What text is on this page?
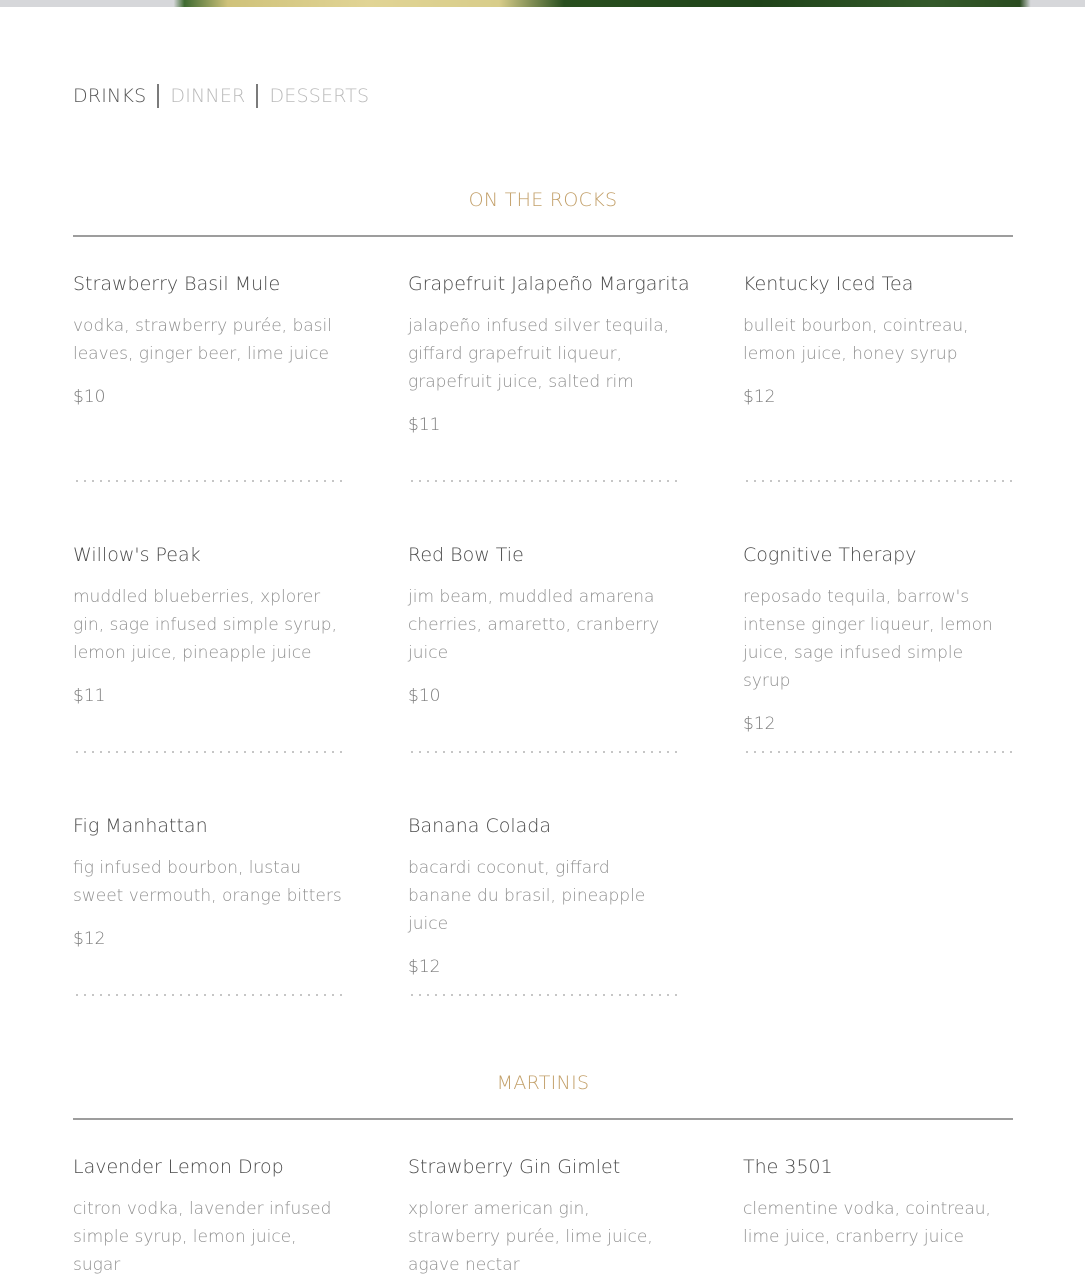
DRINKS DINNER DESSERTS
ON THE ROCKS
Strawberry Basil Mule
vodka, strawberry purée, basil leaves, ginger beer, lime juice
$10
Grapefruit Jalapeño Margarita
jalapeño infused silver tequila, giffard grapefruit liqueur, grapefruit juice, salted rim
$11
Kentucky Iced Tea
bulleit bourbon, cointreau, lemon juice, honey syrup
$12
Willow's Peak
muddled blueberries, xplorer gin, sage infused simple syrup, lemon juice, pineapple juice
$11
Red Bow Tie
jim beam, muddled amarena cherries, amaretto, cranberry juice
$10
Cognitive Therapy
reposado tequila, barrow's intense ginger liqueur, lemon juice, sage infused simple syrup
$12
Fig Manhattan
fig infused bourbon, lustau sweet vermouth, orange bitters
$12
Banana Colada
bacardi coconut, giffard banane du brasil, pineapple juice
$12
MARTINIS
Lavender Lemon Drop
citron vodka, lavender infused simple syrup, lemon juice, sugar
Strawberry Gin Gimlet
xplorer american gin, strawberry purée, lime juice, agave nectar
The 3501
clementine vodka, cointreau, lime juice, cranberry juice
